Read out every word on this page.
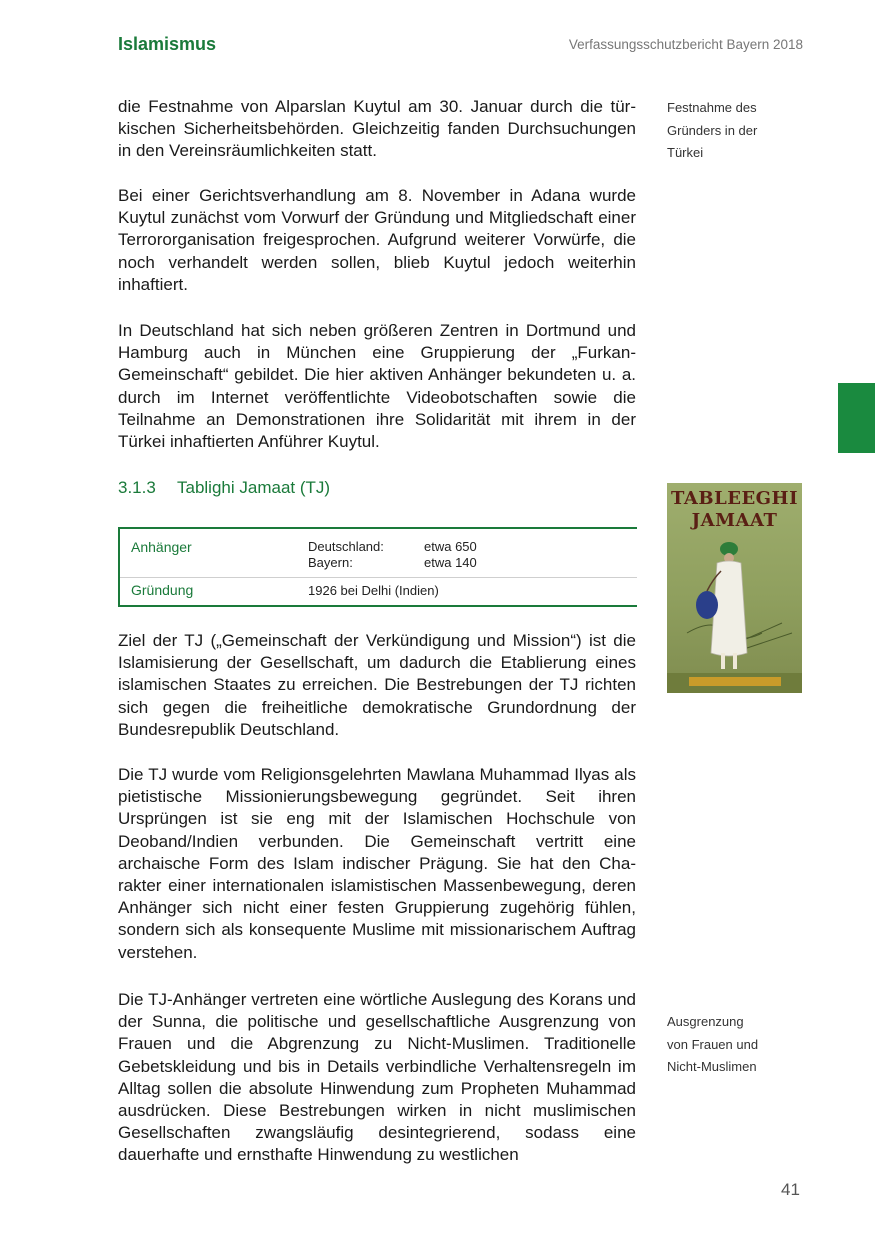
Islamismus	Verfassungsschutzbericht Bayern 2018

die Festnahme von Alparslan Kuytul am 30. Januar durch die türkischen Sicherheitsbehörden. Gleichzeitig fanden Durchsuchungen in den Vereinsräumlichkeiten statt.

Bei einer Gerichtsverhandlung am 8. November in Adana wurde Kuytul zunächst vom Vorwurf der Gründung und Mitgliedschaft einer Terrororganisation freigesprochen. Aufgrund weiterer Vorwürfe, die noch verhandelt werden sollen, blieb Kuytul jedoch weiterhin inhaftiert.

In Deutschland hat sich neben größeren Zentren in Dortmund und Hamburg auch in München eine Gruppierung der „Furkan-Gemeinschaft“ gebildet. Die hier aktiven Anhänger bekundeten u. a. durch im Internet veröffentlichte Videobotschaften sowie die Teilnahme an Demonstrationen ihre Solidarität mit ihrem in der Türkei inhaftierten Anführer Kuytul.

Festnahme des
Gründers in der
Türkei
3.1.3 Tablighi Jamaat (TJ)
Anhänger	Deutschland:	etwa 650
Bayern:	etwa 140
Gründung	1926 bei Delhi (Indien)
TABLEEGHI
JAMAAT

Ziel der TJ („Gemeinschaft der Verkündigung und Mission“) ist die Islamisierung der Gesellschaft, um dadurch die Etablierung eines islamischen Staates zu erreichen. Die Bestrebungen der TJ richten sich gegen die freiheitliche demokratische Grundordnung der Bundesrepublik Deutschland.

Die TJ wurde vom Religionsgelehrten Mawlana Muhammad Ilyas als pietistische Missionierungsbewegung gegründet. Seit ihren Ursprüngen ist sie eng mit der Islamischen Hochschule von Deoband/Indien verbunden. Die Gemeinschaft vertritt eine archaische Form des Islam indischer Prägung. Sie hat den Charakter einer internationalen islamistischen Massenbewegung, deren Anhänger sich nicht einer festen Gruppierung zugehörig fühlen, sondern sich als konsequente Muslime mit missionarischem Auftrag verstehen.

Die TJ-Anhänger vertreten eine wörtliche Auslegung des Korans und der Sunna, die politische und gesellschaftliche Ausgrenzung von Frauen und die Abgrenzung zu Nicht-Muslimen. Traditionelle Gebetskleidung und bis in Details verbindliche Verhaltensregeln im Alltag sollen die absolute Hinwendung zum Propheten Muhammad ausdrücken. Diese Bestrebungen wirken in nicht muslimischen Gesellschaften zwangsläufig desintegrierend, sodass eine dauerhafte und ernsthafte Hinwendung zu westlichen

Ausgrenzung
von Frauen und
Nicht-Muslimen
41
